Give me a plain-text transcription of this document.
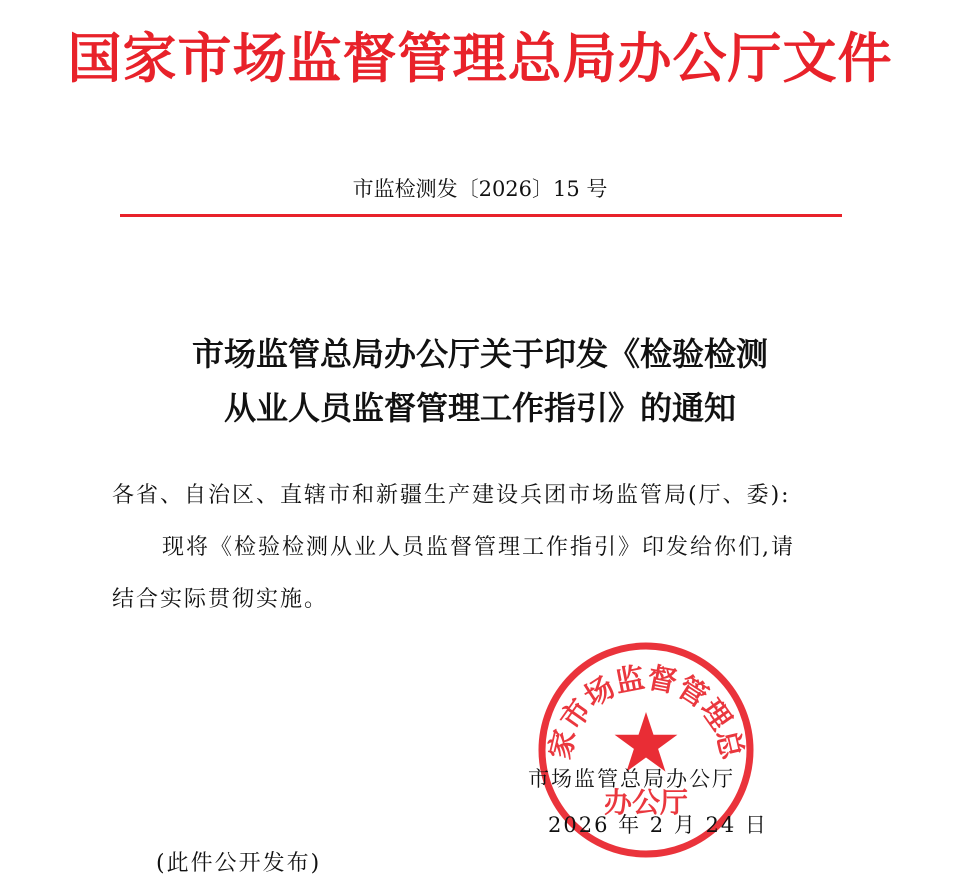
国家市场监督管理总局办公厅文件
市监检测发〔2026〕15 号
市场监管总局办公厅关于印发《检验检测
从业人员监督管理工作指引》的通知
各省、自治区、直辖市和新疆生产建设兵团市场监管局(厅、委):
现将《检验检测从业人员监督管理工作指引》印发给你们,请
结合实际贯彻实施。
国家市场监督管理总局
办公厅
市场监管总局办公厅
2026 年 2 月 24 日
(此件公开发布)
